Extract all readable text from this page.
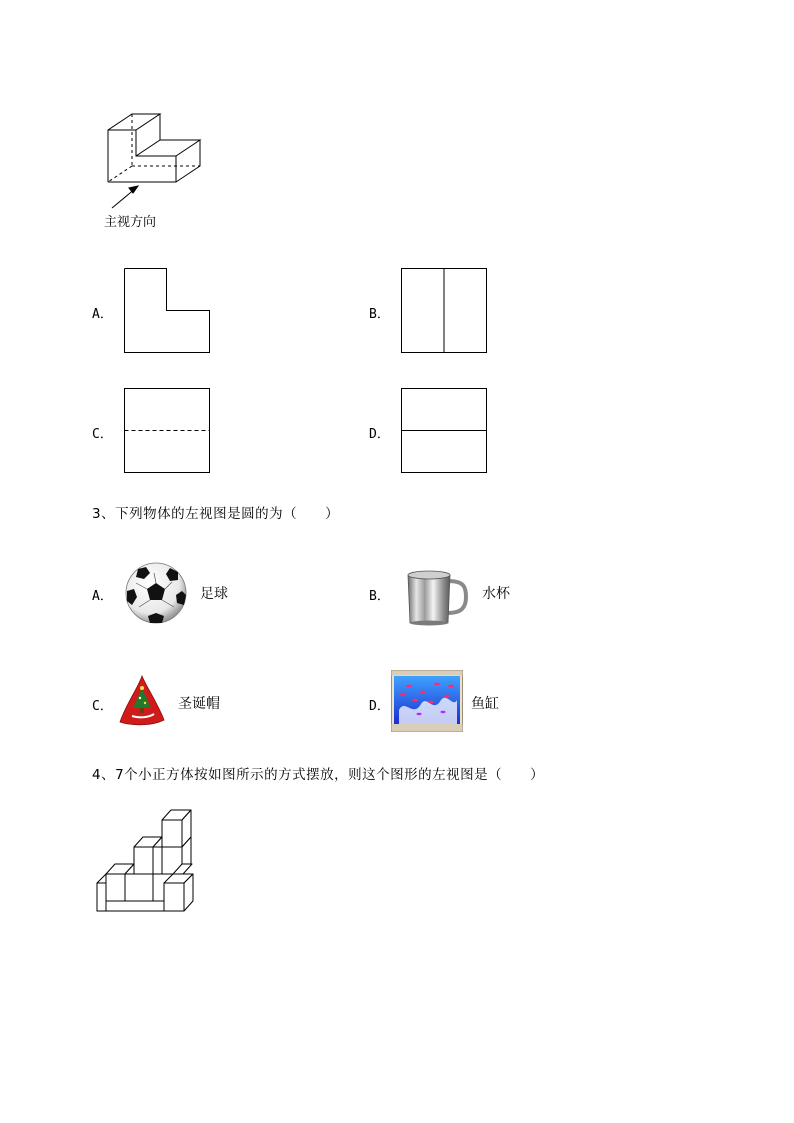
主视方向
A．	B．
C．	D．
3、下列物体的左视图是圆的为（　　）
A．	足球	B．	水杯
C．	圣诞帽	D．	鱼缸
4、7个小正方体按如图所示的方式摆放，则这个图形的左视图是（　　）
